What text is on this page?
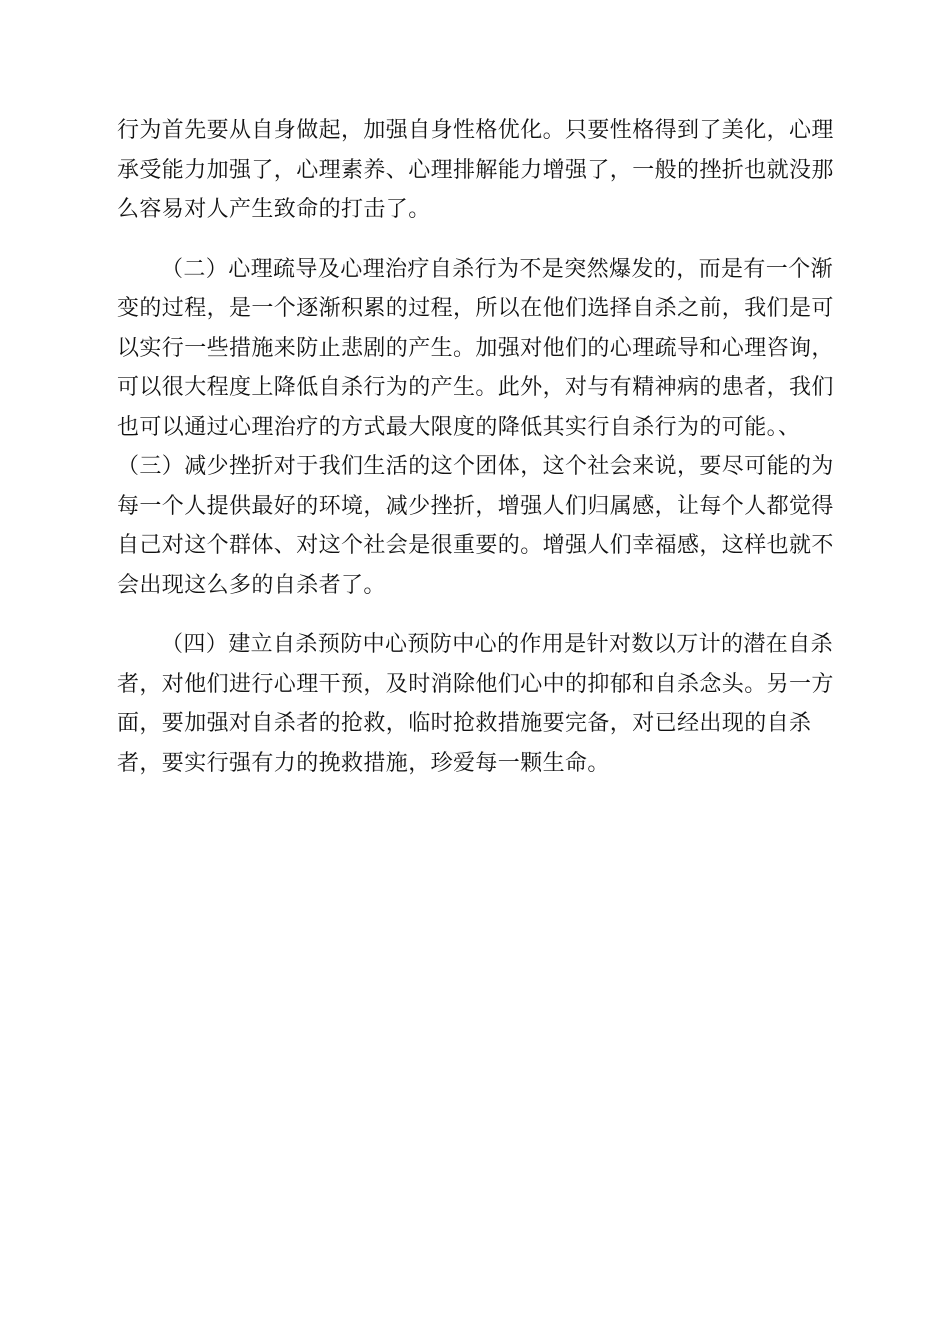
行为首先要从自身做起，加强自身性格优化。只要性格得到了美化，心理
承受能力加强了，心理素养、心理排解能力增强了，一般的挫折也就没那
么容易对人产生致命的打击了。

（二）心理疏导及心理治疗自杀行为不是突然爆发的，而是有一个渐
变的过程，是一个逐渐积累的过程，所以在他们选择自杀之前，我们是可
以实行一些措施来防止悲剧的产生。加强对他们的心理疏导和心理咨询，
可以很大程度上降低自杀行为的产生。此外，对与有精神病的患者，我们
也可以通过心理治疗的方式最大限度的降低其实行自杀行为的可能。、
（三）减少挫折对于我们生活的这个团体，这个社会来说，要尽可能的为
每一个人提供最好的环境，减少挫折，增强人们归属感，让每个人都觉得
自己对这个群体、对这个社会是很重要的。增强人们幸福感，这样也就不
会出现这么多的自杀者了。

（四）建立自杀预防中心预防中心的作用是针对数以万计的潜在自杀
者，对他们进行心理干预，及时消除他们心中的抑郁和自杀念头。另一方
面，要加强对自杀者的抢救，临时抢救措施要完备，对已经出现的自杀
者，要实行强有力的挽救措施，珍爱每一颗生命。
